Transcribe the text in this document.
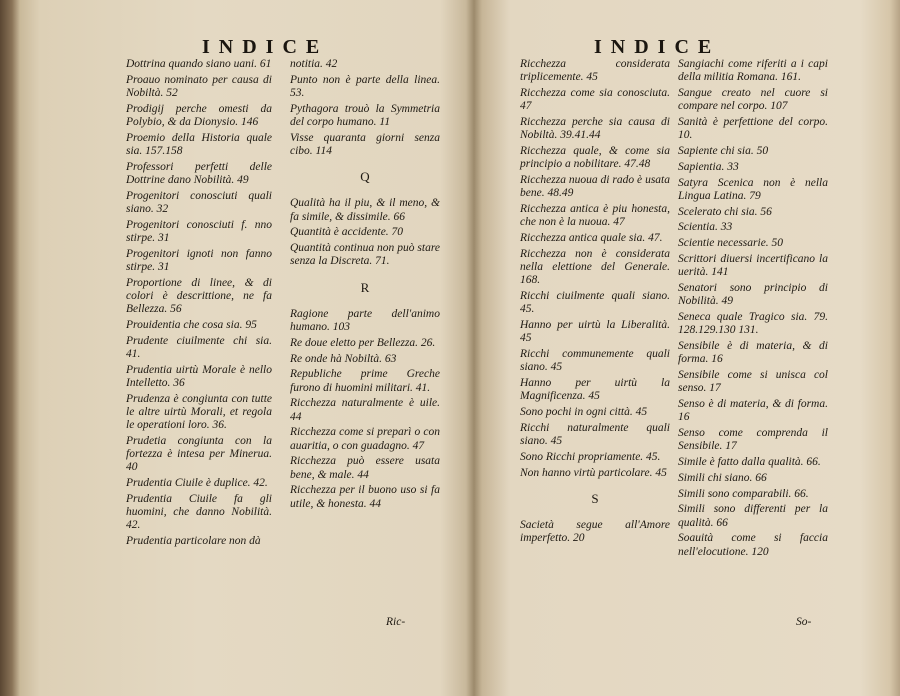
INDICE
Dottrina quando siano uani. 61
Proauo nominato per causa di Nobiltà. 52
Prodigij perche omesti da Polybio, & da Dionysio. 146
Proemio della Historia quale sia. 157.158
Professori perfetti delle Dottrine dano Nobilità. 49
Progenitori conosciuti quali siano. 32
Progenitori conosciuti f. nno stirpe. 31
Progenitori ignoti non fanno stirpe. 31
Proportione di linee, & di colori è descrittione, ne fa Bellezza. 56
Prouidentia che cosa sia. 95
Prudente ciuilmente chi sia. 41.
Prudentia uirtù Morale è nello Intelletto. 36
Prudenza è congiunta con tutte le altre uirtù Morali, et regola le operationi loro. 36.
Prudetia congiunta con la fortezza è intesa per Minerua. 40
Prudentia Ciuile è duplice. 42.
Prudentia Ciuile fa gli huomini, che danno Nobilità. 42.
Prudentia particolare non dà
notitia. 42
Punto non è parte della linea. 53.
Pythagora trouò la Symmetria del corpo humano. 11
Visse quaranta giorni senza cibo. 114
Q
Qualità ha il piu, & il meno, & fa simile, & dissimile. 66
Quantità è accidente. 70
Quantità continua non può stare senza la Discreta. 71.
R
Ragione parte dell'animo humano. 103
Re doue eletto per Bellezza. 26.
Re onde hà Nobiltà. 63
Republiche prime Greche furono di huomini militari. 41.
Ricchezza naturalmente è uile. 44
Ricchezza come si preparì o con auaritia, o con guadagno. 47
Ricchezza può essere usata bene, & male. 44
Ricchezza per il buono uso si fa utile, & honesta. 44
Ric-
INDICE
Ricchezza considerata triplicemente. 45
Ricchezza come sia conosciuta. 47
Ricchezza perche sia causa di Nobiltà. 39.41.44
Ricchezza quale, & come sia principio a nobilitare. 47.48
Ricchezza nuoua di rado è usata bene. 48.49
Ricchezza antica è piu honesta, che non è la nuoua. 47
Ricchezza antica quale sia. 47.
Ricchezza non è considerata nella elettione del Generale. 168.
Ricchi ciuilmente quali siano. 45.
Hanno per uirtù la Liberalità. 45
Ricchi communemente quali siano. 45
Hanno per uirtù la Magnificenza. 45
Sono pochi in ogni città. 45
Ricchi naturalmente quali siano. 45
Sono Ricchi propriamente. 45.
Non hanno virtù particolare. 45
S
Sacietà segue all'Amore imperfetto. 20
Sangiachi come riferiti a i capi della militia Romana. 161.
Sangue creato nel cuore si compare nel corpo. 107
Sanità è perfettione del corpo. 10.
Sapiente chi sia. 50
Sapientia. 33
Satyra Scenica non è nella Lingua Latina. 79
Scelerato chi sia. 56
Scientia. 33
Scientie necessarie. 50
Scrittori diuersi incertificano la uerità. 141
Senatori sono principio di Nobilità. 49
Seneca quale Tragico sia. 79. 128.129.130 131.
Sensibile è di materia, & di forma. 16
Sensibile come si unisca col senso. 17
Senso è di materia, & di forma. 16
Senso come comprenda il Sensibile. 17
Simile è fatto dalla qualità. 66.
Simili chi siano. 66
Simili sono comparabili. 66.
Simili sono differenti per la qualità. 66
Soauità come si faccia nell'elocutione. 120
So-
